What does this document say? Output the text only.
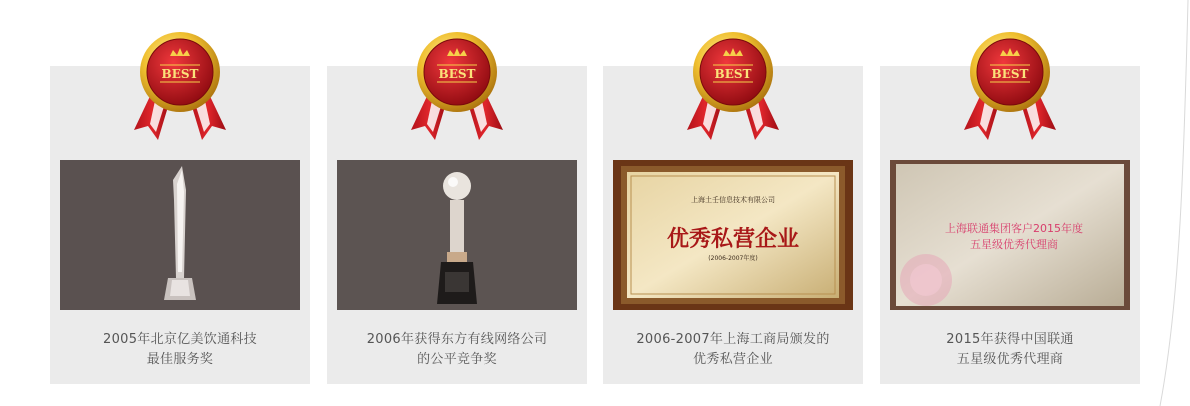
BEST
2005年北京亿美饮通科技
最佳服务奖
BEST
2006年获得东方有线网络公司
的公平竞争奖
BEST
上海土壬信息技术有限公司
优秀私营企业
(2006-2007年度)
2006-2007年上海工商局颁发的
优秀私营企业
BEST
上海联通集团客户2015年度
五星级优秀代理商
2015年获得中国联通
五星级优秀代理商
